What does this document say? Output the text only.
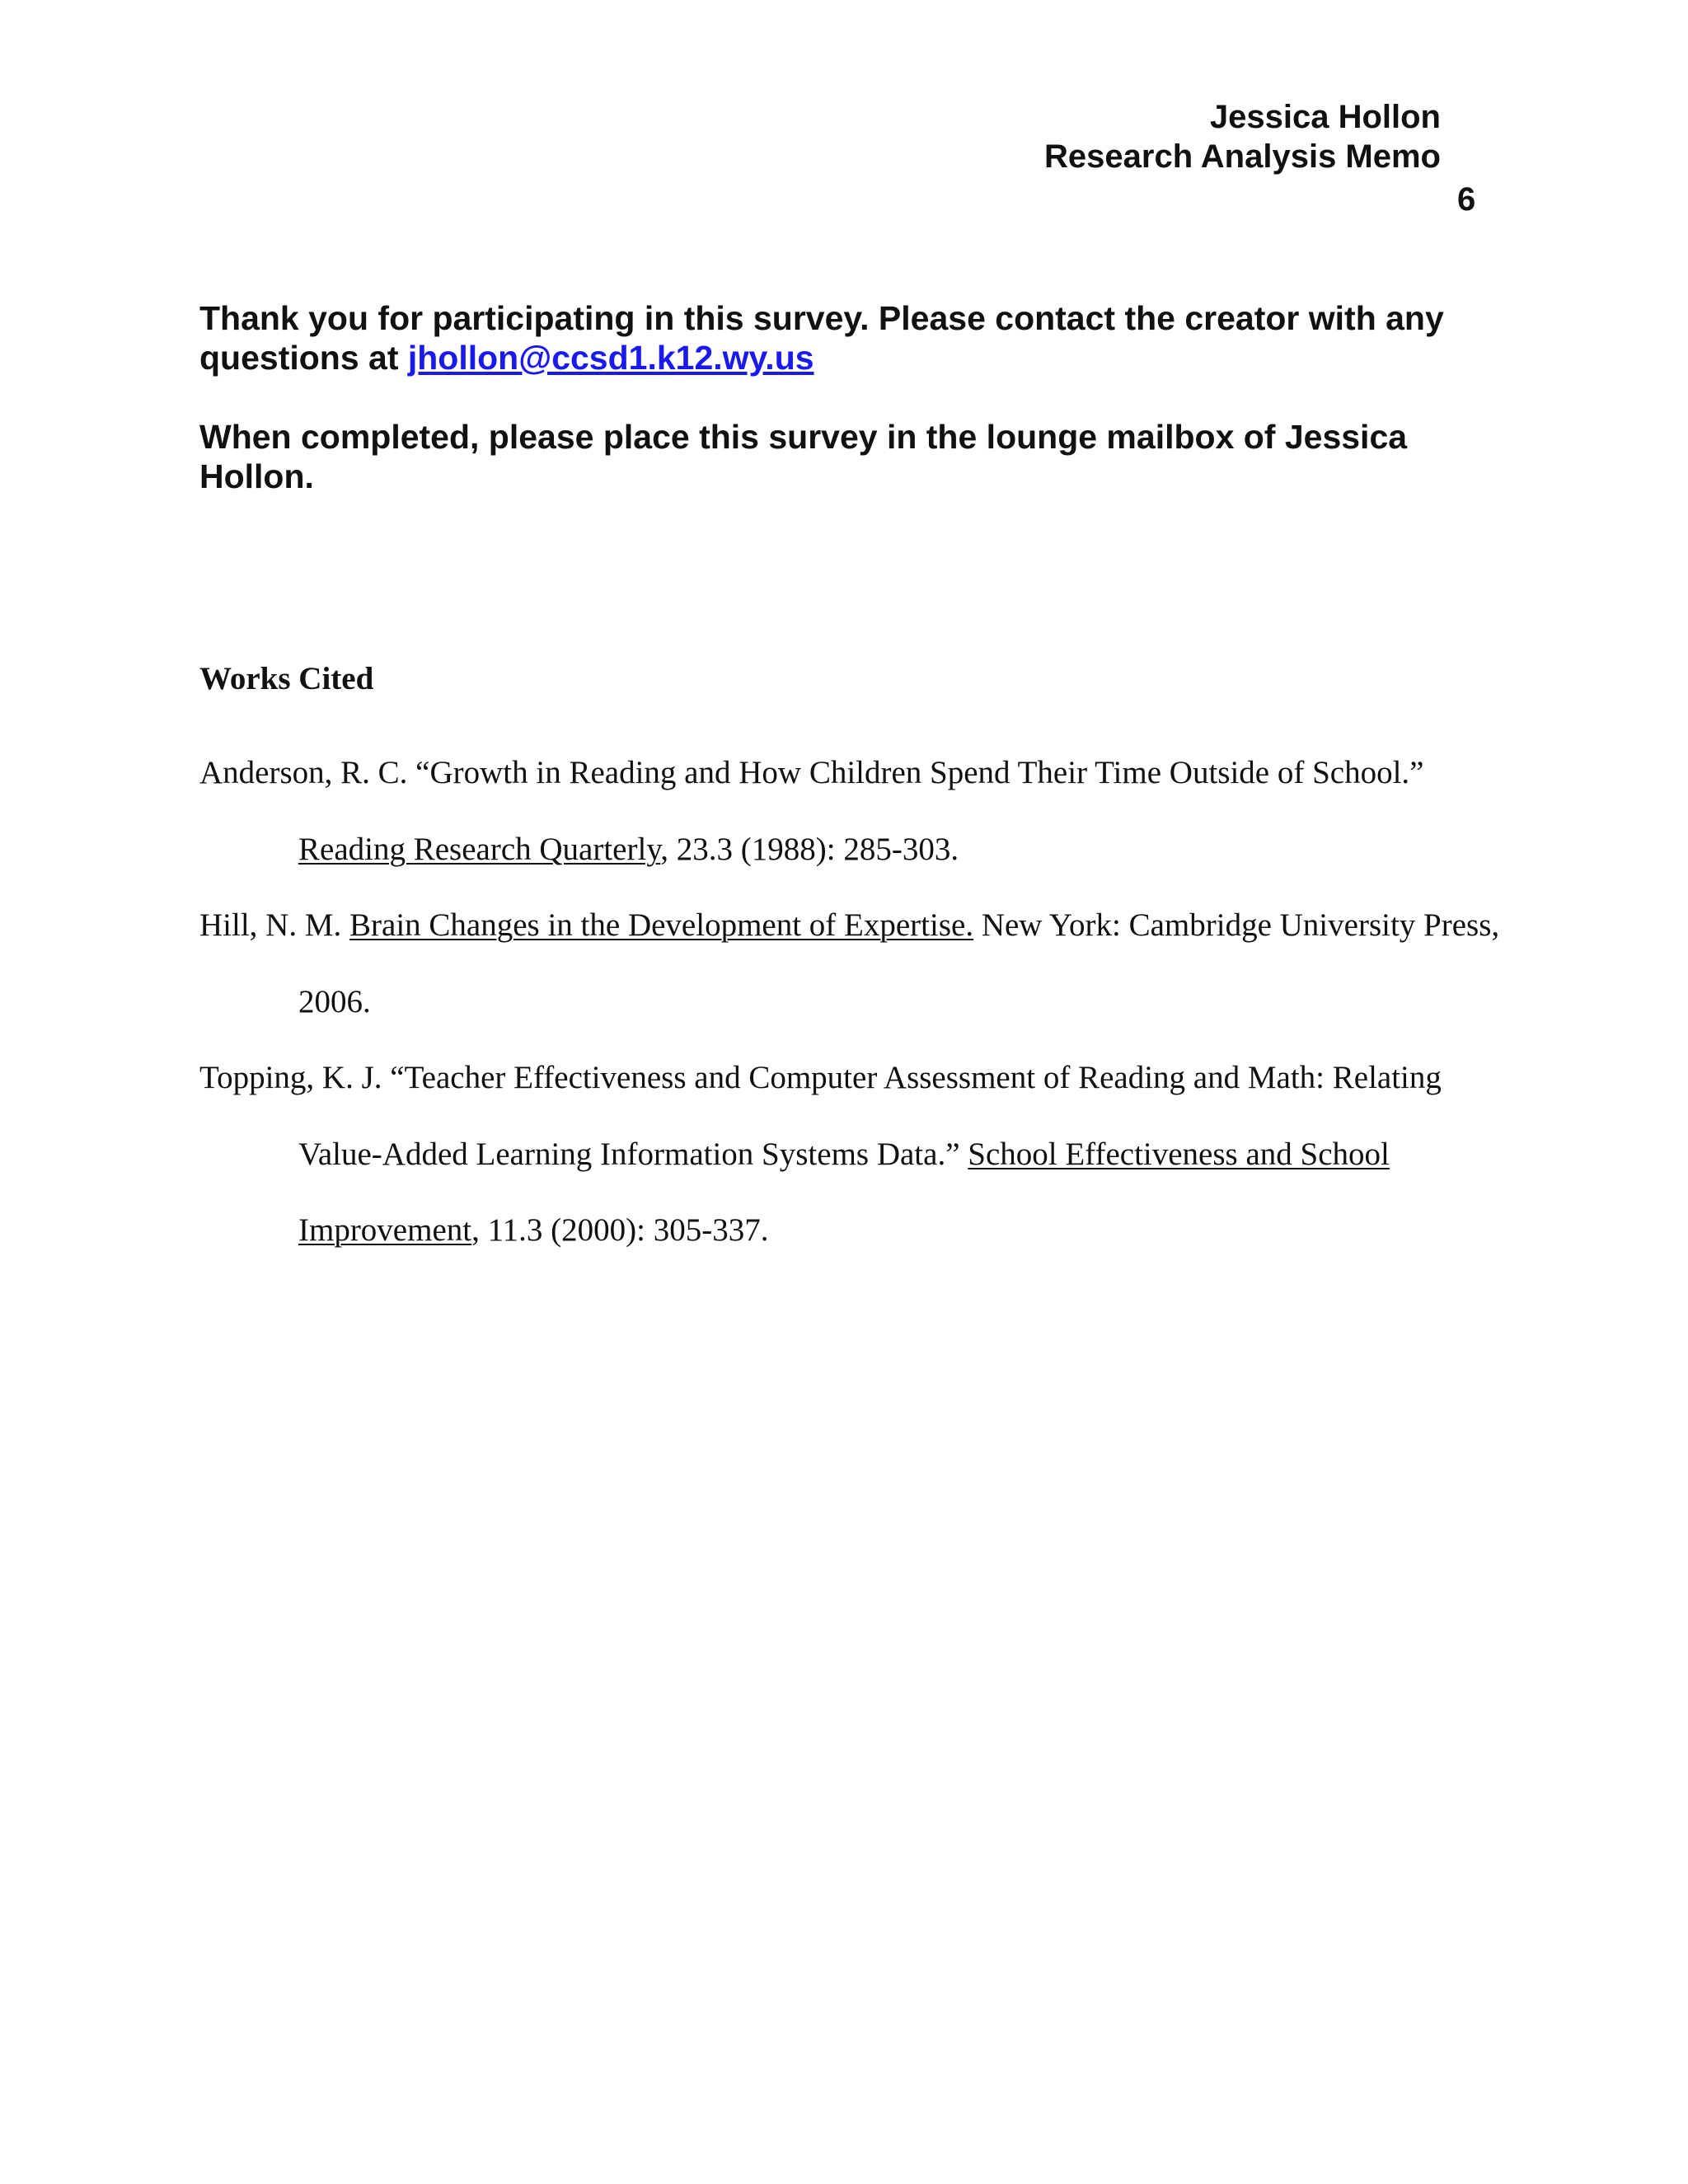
Jessica Hollon
Research Analysis Memo
6
Thank you for participating in this survey. Please contact the creator with any questions at jhollon@ccsd1.k12.wy.us
When completed, please place this survey in the lounge mailbox of Jessica Hollon.
Works Cited

Anderson, R. C. “Growth in Reading and How Children Spend Their Time Outside of School.” Reading Research Quarterly, 23.3 (1988): 285-303.

Hill, N. M. Brain Changes in the Development of Expertise. New York: Cambridge University Press, 2006.

Topping, K. J. “Teacher Effectiveness and Computer Assessment of Reading and Math: Relating Value-Added Learning Information Systems Data.” School Effectiveness and School Improvement, 11.3 (2000): 305-337.
